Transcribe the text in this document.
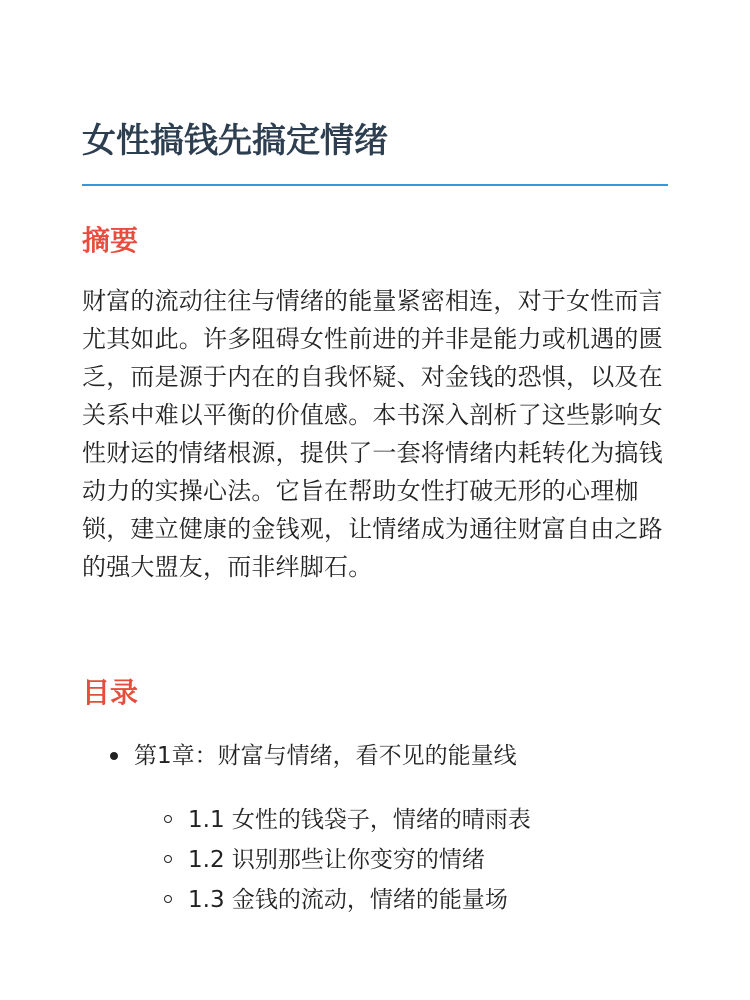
女性搞钱先搞定情绪
摘要

财富的流动往往与情绪的能量紧密相连，对于女性而言尤其如此。许多阻碍女性前进的并非是能力或机遇的匮乏，而是源于内在的自我怀疑、对金钱的恐惧，以及在关系中难以平衡的价值感。本书深入剖析了这些影响女性财运的情绪根源，提供了一套将情绪内耗转化为搞钱动力的实操心法。它旨在帮助女性打破无形的心理枷锁，建立健康的金钱观，让情绪成为通往财富自由之路的强大盟友，而非绊脚石。

目录
第1章：财富与情绪，看不见的能量线
1.1 女性的钱袋子，情绪的晴雨表
1.2 识别那些让你变穷的情绪
1.3 金钱的流动，情绪的能量场
